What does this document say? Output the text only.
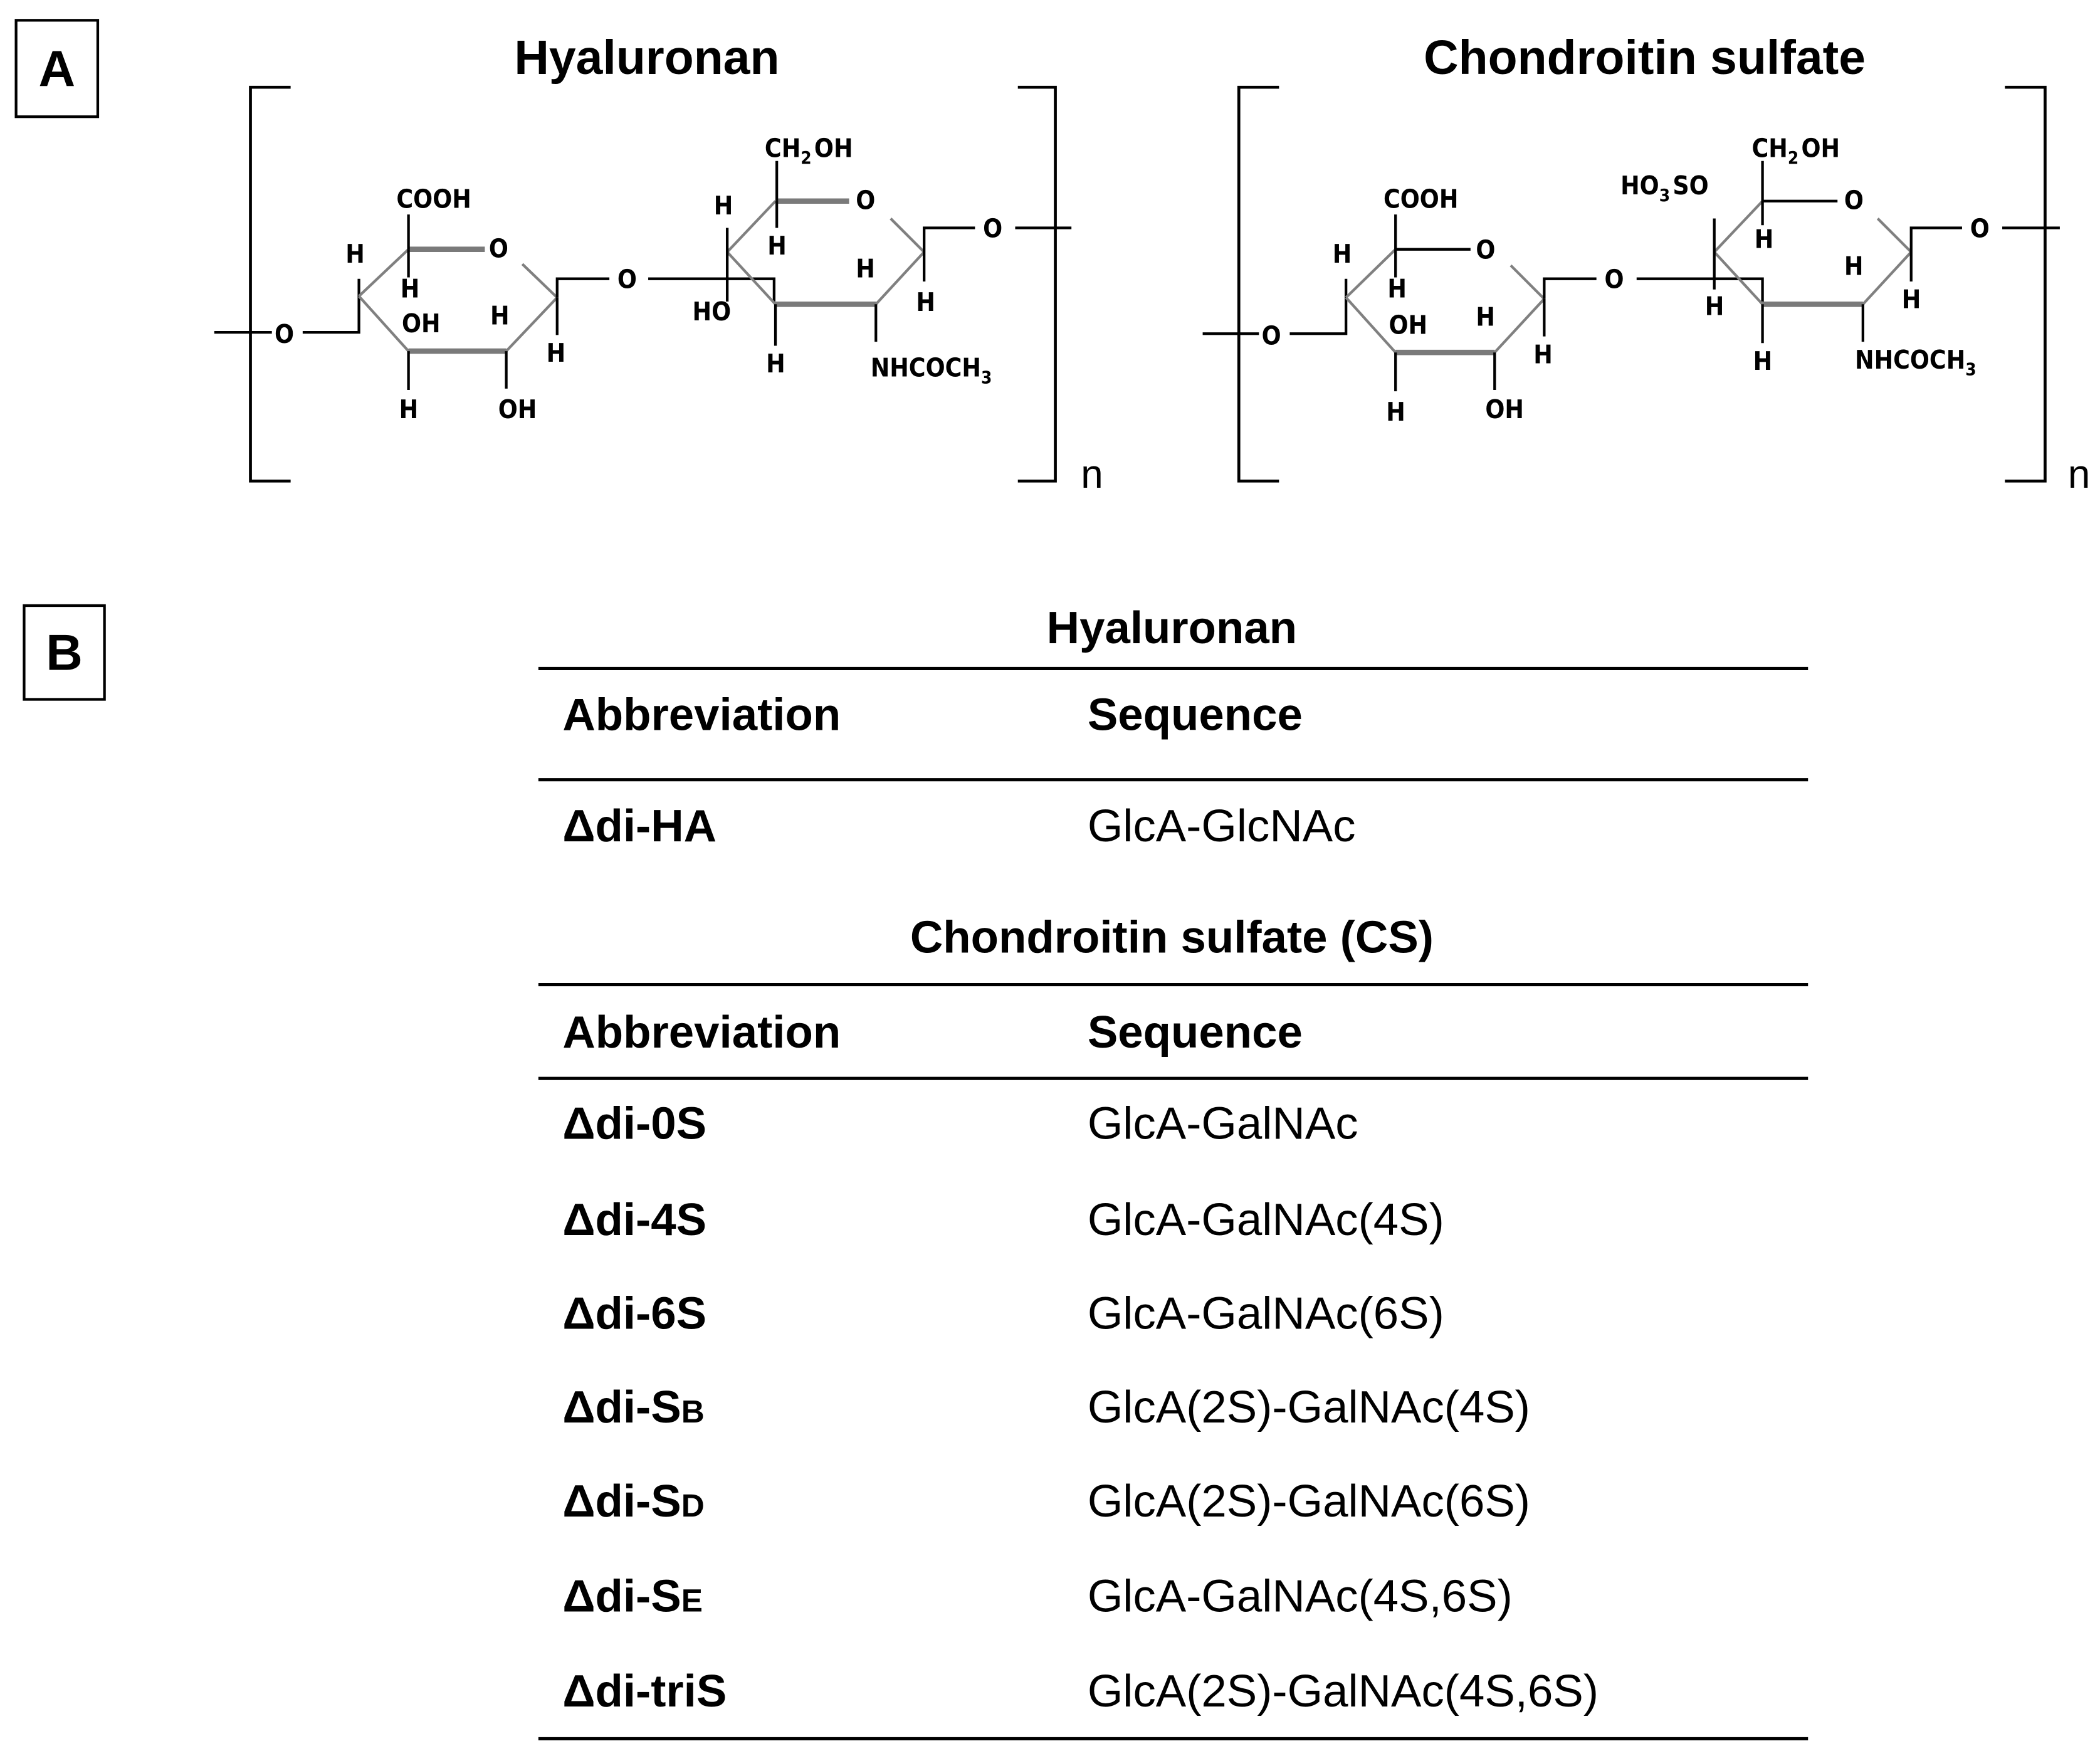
A	Hyaluronan
n
O
O
COOH
H
H
H
OH
OH
H
H
O
O
$CH_2$ OH
H
H
HO
H	$NHCOCH_3$
H
H
O
Chondroitin sulfate
n
O
O
COOH
H
H
H
OH
OH
H
H
O
O
$CH_2$ OH
H
$HO_3$ SO
H
H	$NHCOCH_3$
H
H
O
B	Hyaluronan
Abbreviation	Sequence
Δdi-HA	GlcA-GlcNAc
Chondroitin sulfate (CS)
Abbreviation	Sequence
Δdi-0S	GlcA-GalNAc
Δdi-4S	GlcA-GalNAc(4S)
Δdi-6S	GlcA-GalNAc(6S)
Δdi-SB	GlcA(2S)-GalNAc(4S)
Δdi-SD	GlcA(2S)-GalNAc(6S)
Δdi-SE	GlcA-GalNAc(4S,6S)
Δdi-triS	GlcA(2S)-GalNAc(4S,6S)
